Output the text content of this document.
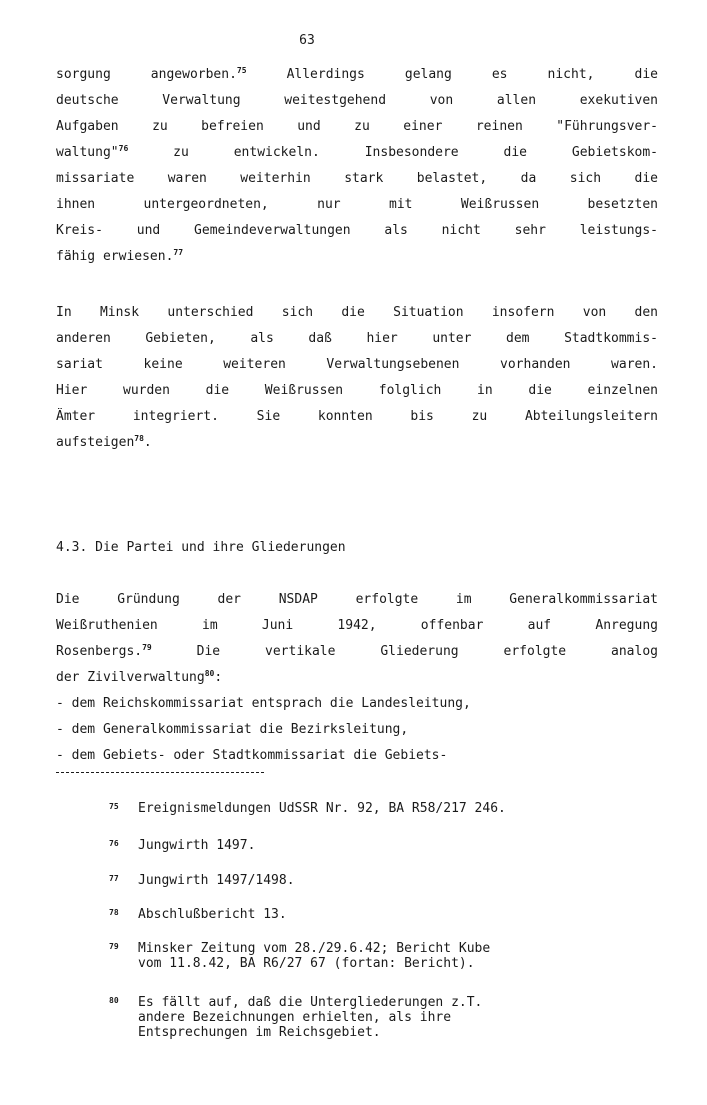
63
sorgung angeworben.$^{75}$ Allerdings gelang es nicht, die
deutsche Verwaltung weitestgehend von allen exekutiven
Aufgaben zu befreien und zu einer reinen "Führungsver-
waltung"$^{76}$ zu entwickeln. Insbesondere die Gebietskom-
missariate waren weiterhin stark belastet, da sich die
ihnen untergeordneten, nur mit Weißrussen besetzten
Kreis- und Gemeindeverwaltungen als nicht sehr leistungs-
fähig erwiesen.$^{77}$
In Minsk unterschied sich die Situation insofern von den
anderen Gebieten, als daß hier unter dem Stadtkommis-
sariat keine weiteren Verwaltungsebenen vorhanden waren.
Hier wurden die Weißrussen folglich in die einzelnen
Ämter integriert. Sie konnten bis zu Abteilungsleitern
aufsteigen$^{78}$.
4.3. Die Partei und ihre Gliederungen
Die Gründung der NSDAP erfolgte im Generalkommissariat
Weißruthenien im Juni 1942, offenbar auf Anregung
Rosenbergs.$^{79}$ Die vertikale Gliederung erfolgte analog
der Zivilverwaltung$^{80}$:
- dem Reichskommissariat entsprach die Landesleitung,
- dem Generalkommissariat die Bezirksleitung,
- dem Gebiets- oder Stadtkommissariat die Gebiets-
75 Ereignismeldungen UdSSR Nr. 92, BA R58/217 246.
76 Jungwirth 1497.
77 Jungwirth 1497/1498.
78 Abschlußbericht 13.
79 Minsker Zeitung vom 28./29.6.42; Bericht Kube
vom 11.8.42, BA R6/27 67 (fortan: Bericht).
80 Es fällt auf, daß die Untergliederungen z.T.
andere Bezeichnungen erhielten, als ihre
Entsprechungen im Reichsgebiet.
